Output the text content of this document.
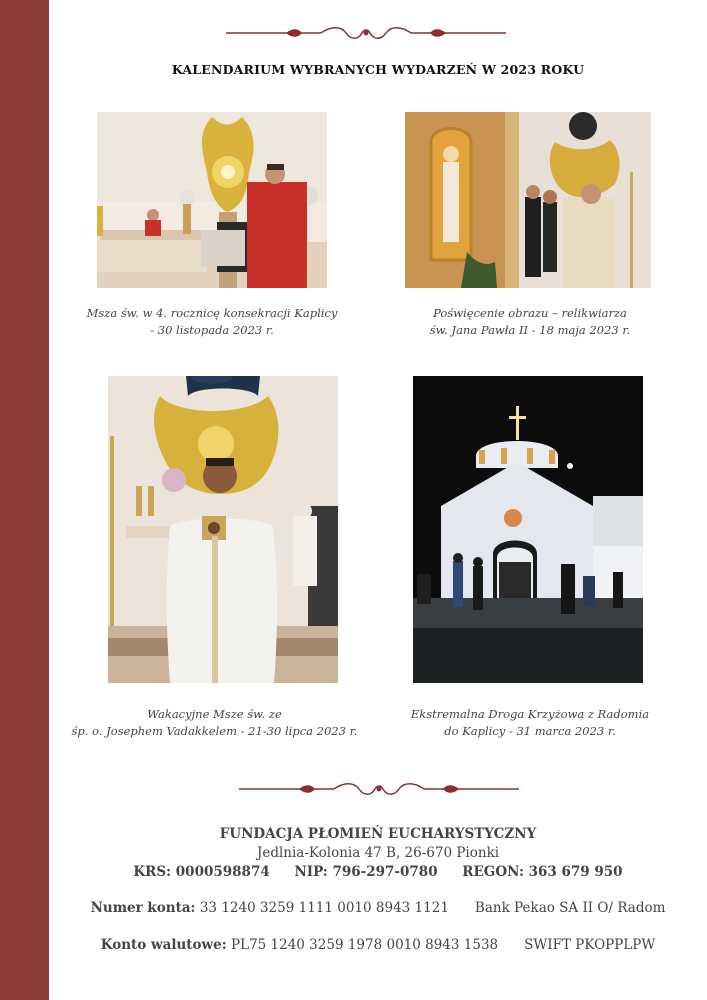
KALENDARIUM WYBRANYCH WYDARZEŃ W 2023 ROKU
Msza św. w 4. rocznicę konsekracji Kaplicy
- 30 listopada 2023 r.
Poświęcenie obrazu – relikwiarza
św. Jana Pawła II - 18 maja 2023 r.
Wakacyjne Msze św. ze
śp. o. Josephem Vadakkelem - 21-30 lipca 2023 r.
Ekstremalna Droga Krzyżowa z Radomia
do Kaplicy - 31 marca 2023 r.
FUNDACJA PŁOMIEŃ EUCHARYSTYCZNY
Jedlnia-Kolonia 47 B, 26-670 Pionki
KRS: 0000598874 NIP: 796-297-0780 REGON: 363 679 950
Numer konta: 33 1240 3259 1111 0010 8943 1121 Bank Pekao SA II O/ Radom
Konto walutowe: PL75 1240 3259 1978 0010 8943 1538 SWIFT PKOPPLPW
